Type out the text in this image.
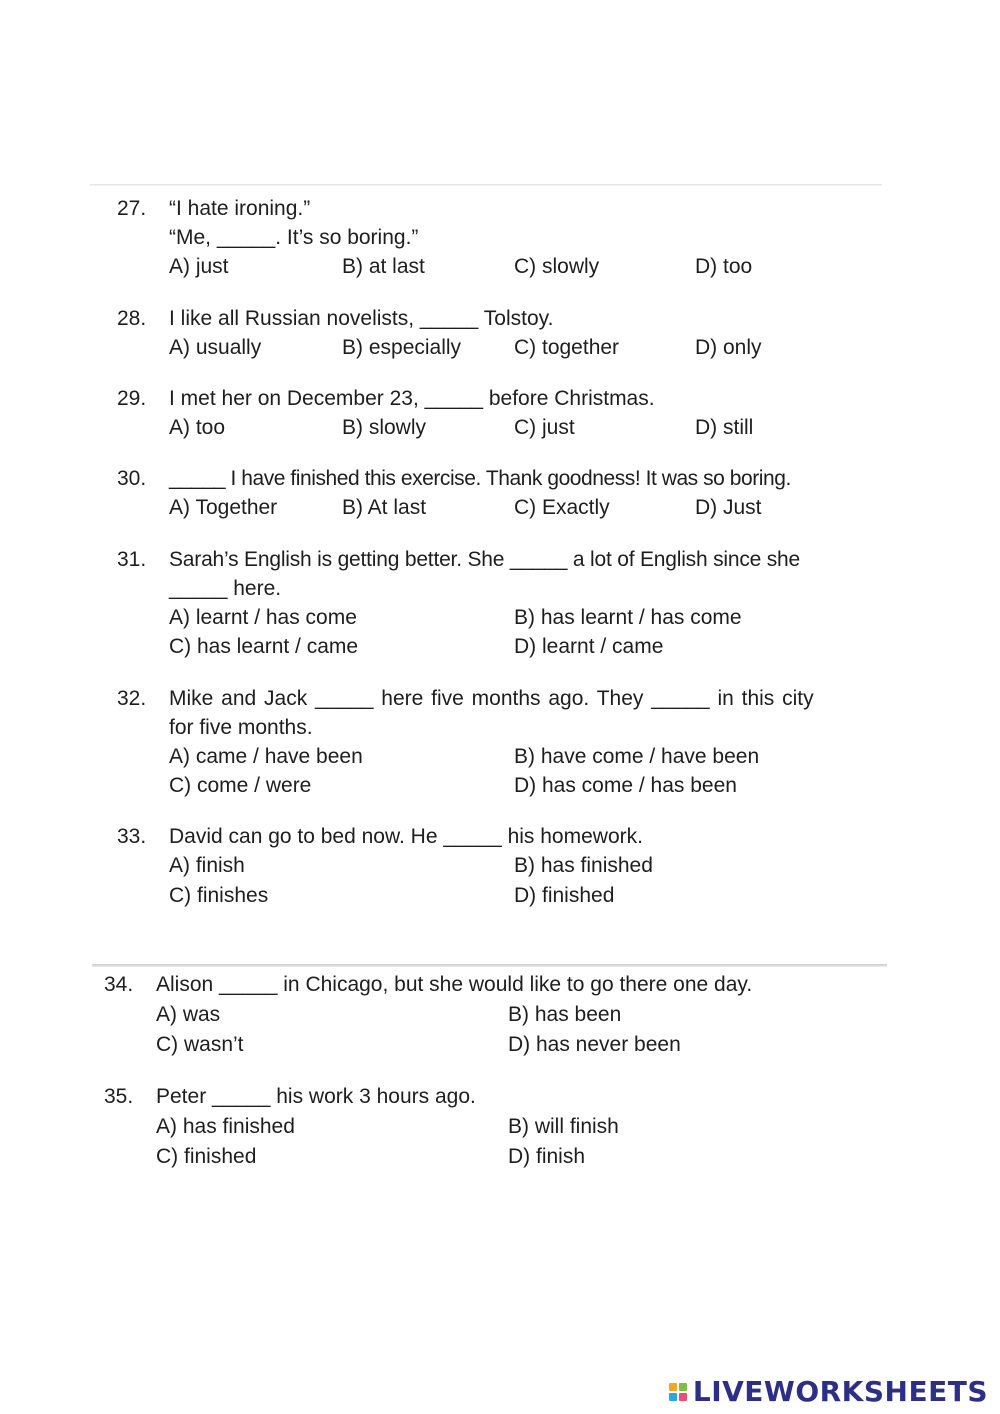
27. “I hate ironing.”
“Me, _____. It’s so boring.”
A) just	B) at last	C) slowly	D) too
28. I like all Russian novelists, _____ Tolstoy.
A) usually	B) especially	C) together	D) only
29. I met her on December 23, _____ before Christmas.
A) too	B) slowly	C) just	D) still
30. _____ I have finished this exercise. Thank goodness! It was so boring.
A) Together	B) At last	C) Exactly	D) Just
31. Sarah’s English is getting better. She _____ a lot of English since she
_____ here.
A) learnt / has come	B) has learnt / has come
C) has learnt / came	D) learnt / came
32. Mike and Jack _____ here five months ago. They _____ in this city
for five months.
A) came / have been	B) have come / have been
C) come / were	D) has come / has been
33. David can go to bed now. He _____ his homework.
A) finish	B) has finished
C) finishes	D) finished
34. Alison _____ in Chicago, but she would like to go there one day.
A) was	B) has been
C) wasn’t	D) has never been
35. Peter _____ his work 3 hours ago.
A) has finished	B) will finish
C) finished	D) finish
LIVEWORKSHEETS
